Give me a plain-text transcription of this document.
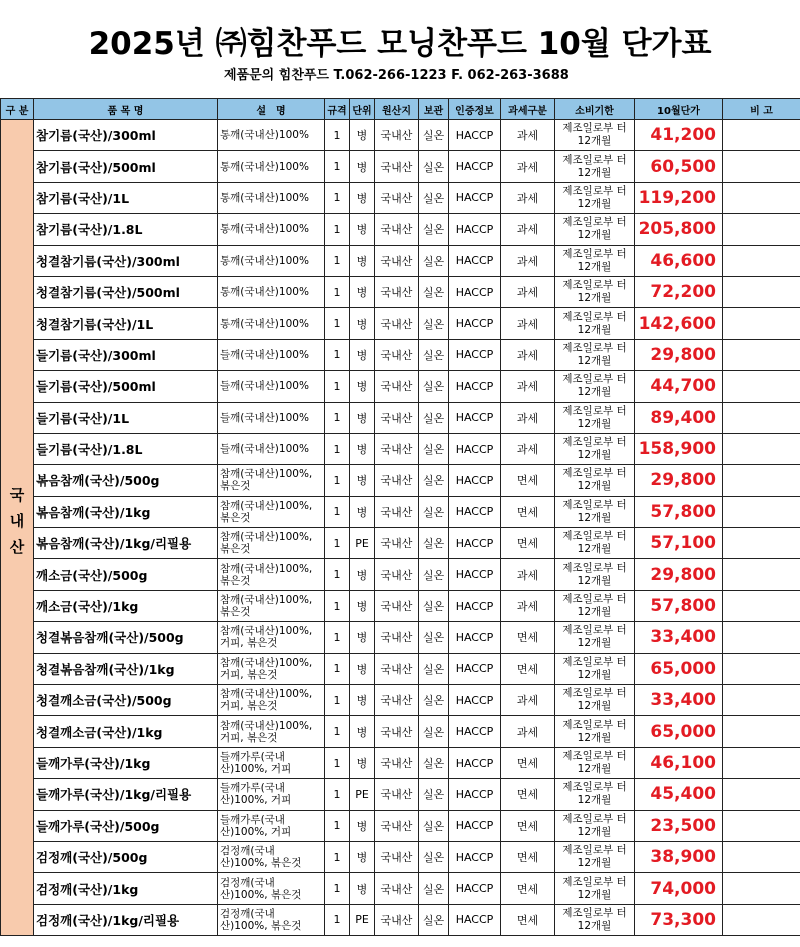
2025년 ㈜힘찬푸드 모닝찬푸드 10월 단가표
제품문의 힘찬푸드 T.062-266-1223 F. 062-263-3688
구 분	품 목 명	설　명	규격	단위	원산지	보관	인증정보	과세구분	소비기한	10월단가	비 고

국
내
산	참기름(국산)/300ml	통깨(국내산)100%	1	병	국내산	실온	HACCP	과세	제조일로부 터 12개월	41,200	
	참기름(국산)/500ml	통깨(국내산)100%	1	병	국내산	실온	HACCP	과세	제조일로부 터 12개월	60,500	
	참기름(국산)/1L	통깨(국내산)100%	1	병	국내산	실온	HACCP	과세	제조일로부 터 12개월	119,200	
	참기름(국산)/1.8L	통깨(국내산)100%	1	병	국내산	실온	HACCP	과세	제조일로부 터 12개월	205,800	
	청결참기름(국산)/300ml	통깨(국내산)100%	1	병	국내산	실온	HACCP	과세	제조일로부 터 12개월	46,600	
	청결참기름(국산)/500ml	통깨(국내산)100%	1	병	국내산	실온	HACCP	과세	제조일로부 터 12개월	72,200	
	청결참기름(국산)/1L	통깨(국내산)100%	1	병	국내산	실온	HACCP	과세	제조일로부 터 12개월	142,600	
	들기름(국산)/300ml	들깨(국내산)100%	1	병	국내산	실온	HACCP	과세	제조일로부 터 12개월	29,800	
	들기름(국산)/500ml	들깨(국내산)100%	1	병	국내산	실온	HACCP	과세	제조일로부 터 12개월	44,700	
	들기름(국산)/1L	들깨(국내산)100%	1	병	국내산	실온	HACCP	과세	제조일로부 터 12개월	89,400	
	들기름(국산)/1.8L	들깨(국내산)100%	1	병	국내산	실온	HACCP	과세	제조일로부 터 12개월	158,900	
	볶음참깨(국산)/500g	참깨(국내산)100%, 볶은것	1	병	국내산	실온	HACCP	면세	제조일로부 터 12개월	29,800	
	볶음참깨(국산)/1kg	참깨(국내산)100%, 볶은것	1	병	국내산	실온	HACCP	면세	제조일로부 터 12개월	57,800	
	볶음참깨(국산)/1kg/리필용	참깨(국내산)100%, 볶은것	1	PE	국내산	실온	HACCP	면세	제조일로부 터 12개월	57,100	
	깨소금(국산)/500g	참깨(국내산)100%, 볶은것	1	병	국내산	실온	HACCP	과세	제조일로부 터 12개월	29,800	
	깨소금(국산)/1kg	참깨(국내산)100%, 볶은것	1	병	국내산	실온	HACCP	과세	제조일로부 터 12개월	57,800	
	청결볶음참깨(국산)/500g	참깨(국내산)100%, 거피, 볶은것	1	병	국내산	실온	HACCP	면세	제조일로부 터 12개월	33,400	
	청결볶음참깨(국산)/1kg	참깨(국내산)100%, 거피, 볶은것	1	병	국내산	실온	HACCP	면세	제조일로부 터 12개월	65,000	
	청결깨소금(국산)/500g	참깨(국내산)100%, 거피, 볶은것	1	병	국내산	실온	HACCP	과세	제조일로부 터 12개월	33,400	
	청결깨소금(국산)/1kg	참깨(국내산)100%, 거피, 볶은것	1	병	국내산	실온	HACCP	과세	제조일로부 터 12개월	65,000	
	들깨가루(국산)/1kg	들깨가루(국내 산)100%, 거피	1	병	국내산	실온	HACCP	면세	제조일로부 터 12개월	46,100	
	들깨가루(국산)/1kg/리필용	들깨가루(국내 산)100%, 거피	1	PE	국내산	실온	HACCP	면세	제조일로부 터 12개월	45,400	
	들깨가루(국산)/500g	들깨가루(국내 산)100%, 거피	1	병	국내산	실온	HACCP	면세	제조일로부 터 12개월	23,500	
	검정깨(국산)/500g	검정깨(국내 산)100%, 볶은것	1	병	국내산	실온	HACCP	면세	제조일로부 터 12개월	38,900	
	검정깨(국산)/1kg	검정깨(국내 산)100%, 볶은것	1	병	국내산	실온	HACCP	면세	제조일로부 터 12개월	74,000	
	검정깨(국산)/1kg/리필용	검정깨(국내 산)100%, 볶은것	1	PE	국내산	실온	HACCP	면세	제조일로부 터 12개월	73,300	
